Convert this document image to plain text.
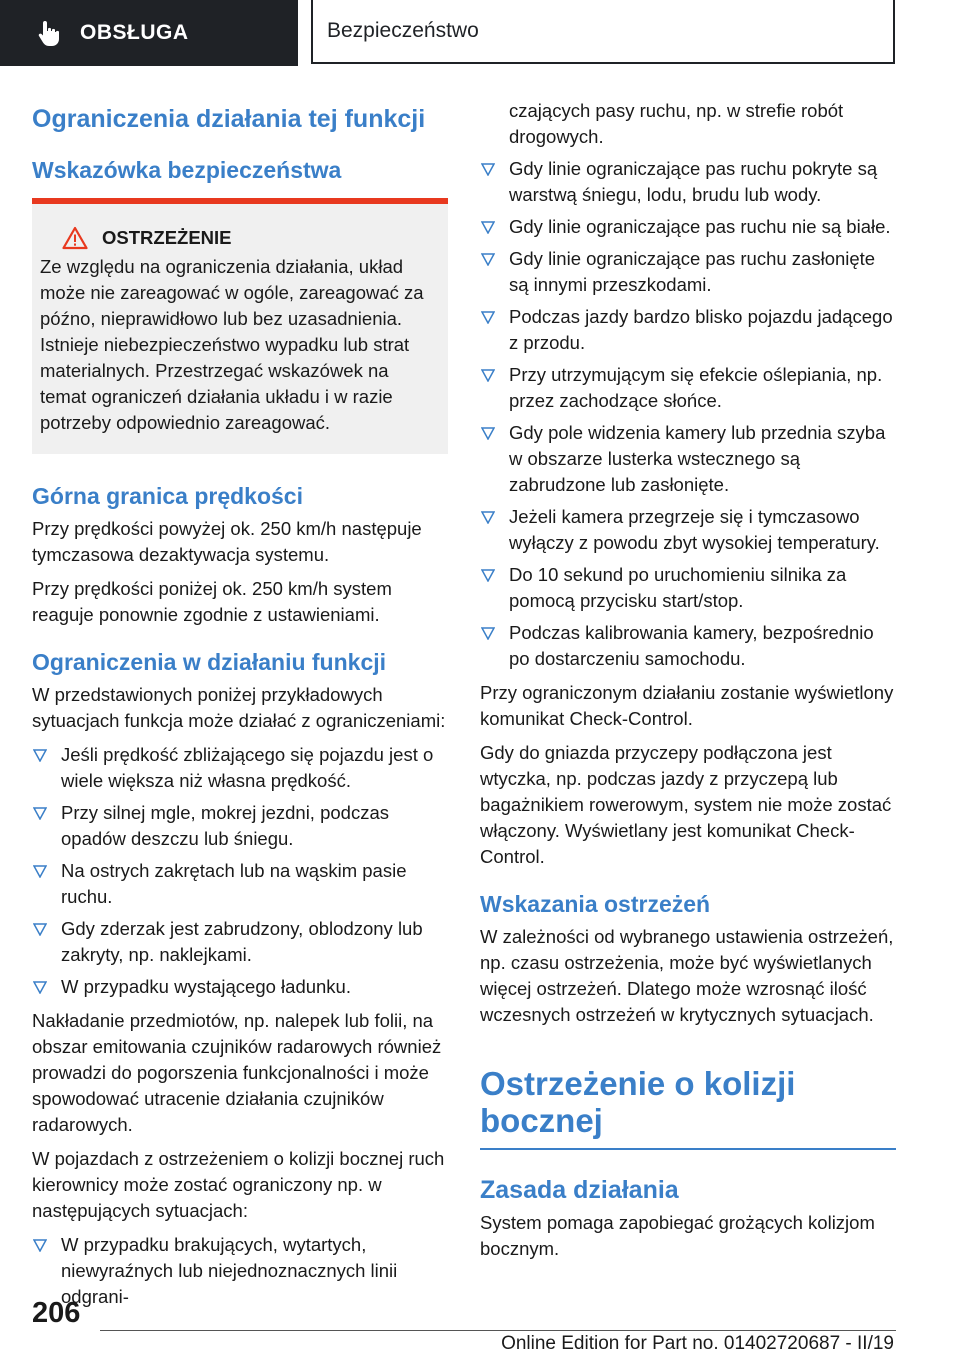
OBSŁUGA	Bezpieczeństwo
Ograniczenia działania tej funkcji
Wskazówka bezpieczeństwa
OSTRZEŻENIE

Ze względu na ograniczenia działania, układ może nie zareagować w ogóle, zareagować za późno, nieprawidłowo lub bez uzasadnienia. Istnieje niebezpieczeństwo wypadku lub strat materialnych. Przestrzegać wskazówek na temat ograniczeń działania układu i w razie potrzeby odpowiednio zareagować.

Górna granica prędkości

Przy prędkości powyżej ok. 250 km/h następuje tymczasowa dezaktywacja systemu.

Przy prędkości poniżej ok. 250 km/h system reaguje ponownie zgodnie z ustawieniami.

Ograniczenia w działaniu funkcji

W przedstawionych poniżej przykładowych sytuacjach funkcja może działać z ograniczeniami:

Jeśli prędkość zbliżającego się pojazdu jest o wiele większa niż własna prędkość.
Przy silnej mgle, mokrej jezdni, podczas opadów deszczu lub śniegu.
Na ostrych zakrętach lub na wąskim pasie ruchu.
Gdy zderzak jest zabrudzony, oblodzony lub zakryty, np. naklejkami.
W przypadku wystającego ładunku.

Nakładanie przedmiotów, np. nalepek lub folii, na obszar emitowania czujników radarowych również prowadzi do pogorszenia funkcjonalności i może spowodować utracenie działania czujników radarowych.

W pojazdach z ostrzeżeniem o kolizji bocznej ruch kierownicy może zostać ograniczony np. w następujących sytuacjach:

W przypadku brakujących, wytartych, niewyraźnych lub niejednoznacznych linii odgrani-
czających pasy ruchu, np. w strefie robót drogowych.
Gdy linie ograniczające pas ruchu pokryte są warstwą śniegu, lodu, brudu lub wody.
Gdy linie ograniczające pas ruchu nie są białe.
Gdy linie ograniczające pas ruchu zasłonięte są innymi przeszkodami.
Podczas jazdy bardzo blisko pojazdu jadącego z przodu.
Przy utrzymującym się efekcie oślepiania, np. przez zachodzące słońce.
Gdy pole widzenia kamery lub przednia szyba w obszarze lusterka wstecznego są zabrudzone lub zasłonięte.
Jeżeli kamera przegrzeje się i tymczasowo wyłączy z powodu zbyt wysokiej temperatury.
Do 10 sekund po uruchomieniu silnika za pomocą przycisku start/stop.
Podczas kalibrowania kamery, bezpośrednio po dostarczeniu samochodu.

Przy ograniczonym działaniu zostanie wyświetlony komunikat Check-Control.

Gdy do gniazda przyczepy podłączona jest wtyczka, np. podczas jazdy z przyczepą lub bagażnikiem rowerowym, system nie może zostać włączony. Wyświetlany jest komunikat Check-Control.

Wskazania ostrzeżeń

W zależności od wybranego ustawienia ostrzeżeń, np. czasu ostrzeżenia, może być wyświetlanych więcej ostrzeżeń. Dlatego może wzrosnąć ilość wczesnych ostrzeżeń w krytycznych sytuacjach.

Ostrzeżenie o kolizji bocznej
Zasada działania

System pomaga zapobiegać grożących kolizjom bocznym.

206
Online Edition for Part no. 01402720687 - II/19
